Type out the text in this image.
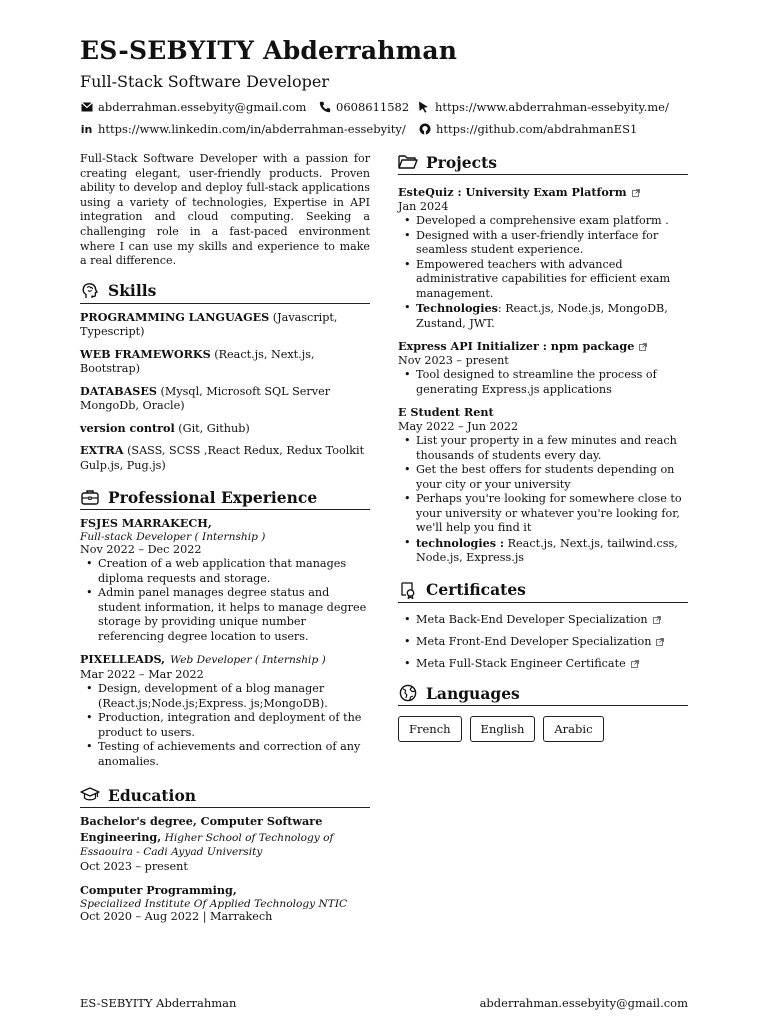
ES-SEBYITY Abderrahman
Full-Stack Software Developer
abderrahman.essebyity@gmail.com	0608611582 https://www.abderrahman-essebyity.me/
in https://www.linkedin.com/in/abderrahman-essebyity/	https://github.com/abdrahmanES1

Full-Stack Software Developer with a passion for creating elegant, user-friendly products. Proven ability to develop and deploy full-stack applications using a variety of technologies, Expertise in API integration and cloud computing. Seeking a challenging role in a fast-paced environment where I can use my skills and experience to make a real difference.

Skills

PROGRAMMING LANGUAGES (Javascript, Typescript)

WEB FRAMEWORKS (React.js, Next.js, Bootstrap)

DATABASES (Mysql, Microsoft SQL Server MongoDb, Oracle)

version control (Git, Github)

EXTRA (SASS, SCSS ,React Redux, Redux Toolkit Gulp.js, Pug.js)

Professional Experience
FSJES MARRAKECH,
Full-stack Developer ( Internship )
Nov 2022 – Dec 2022
• Creation of a web application that manages diploma requests and storage.
• Admin panel manages degree status and student information, it helps to manage degree storage by providing unique number referencing degree location to users.
PIXELLEADS, Web Developer ( Internship )
Mar 2022 – Mar 2022
• Design, development of a blog manager (React.js;Node.js;Express. js;MongoDB).
• Production, integration and deployment of the product to users.
• Testing of achievements and correction of any anomalies.
Education
Bachelor's degree, Computer Software Engineering, Higher School of Technology of Essaouira - Cadi Ayyad University
Oct 2023 – present
Computer Programming,
Specialized Institute Of Applied Technology NTIC
Oct 2020 – Aug 2022 | Marrakech
Projects
EsteQuiz : University Exam Platform
Jan 2024
• Developed a comprehensive exam platform .
• Designed with a user-friendly interface for seamless student experience.
• Empowered teachers with advanced administrative capabilities for efficient exam management.
• Technologies: React.js, Node.js, MongoDB, Zustand, JWT.
Express API Initializer : npm package
Nov 2023 – present
• Tool designed to streamline the process of generating Express.js applications
E Student Rent
May 2022 – Jun 2022
• List your property in a few minutes and reach thousands of students every day.
• Get the best offers for students depending on your city or your university
• Perhaps you're looking for somewhere close to your university or whatever you're looking for, we'll help you find it
• technologies : React.js, Next.js, tailwind.css, Node.js, Express.js
Certificates
• Meta Back-End Developer Specialization
• Meta Front-End Developer Specialization
• Meta Full-Stack Engineer Certificate
Languages
French	English	Arabic
ES-SEBYITY Abderrahman	abderrahman.essebyity@gmail.com
